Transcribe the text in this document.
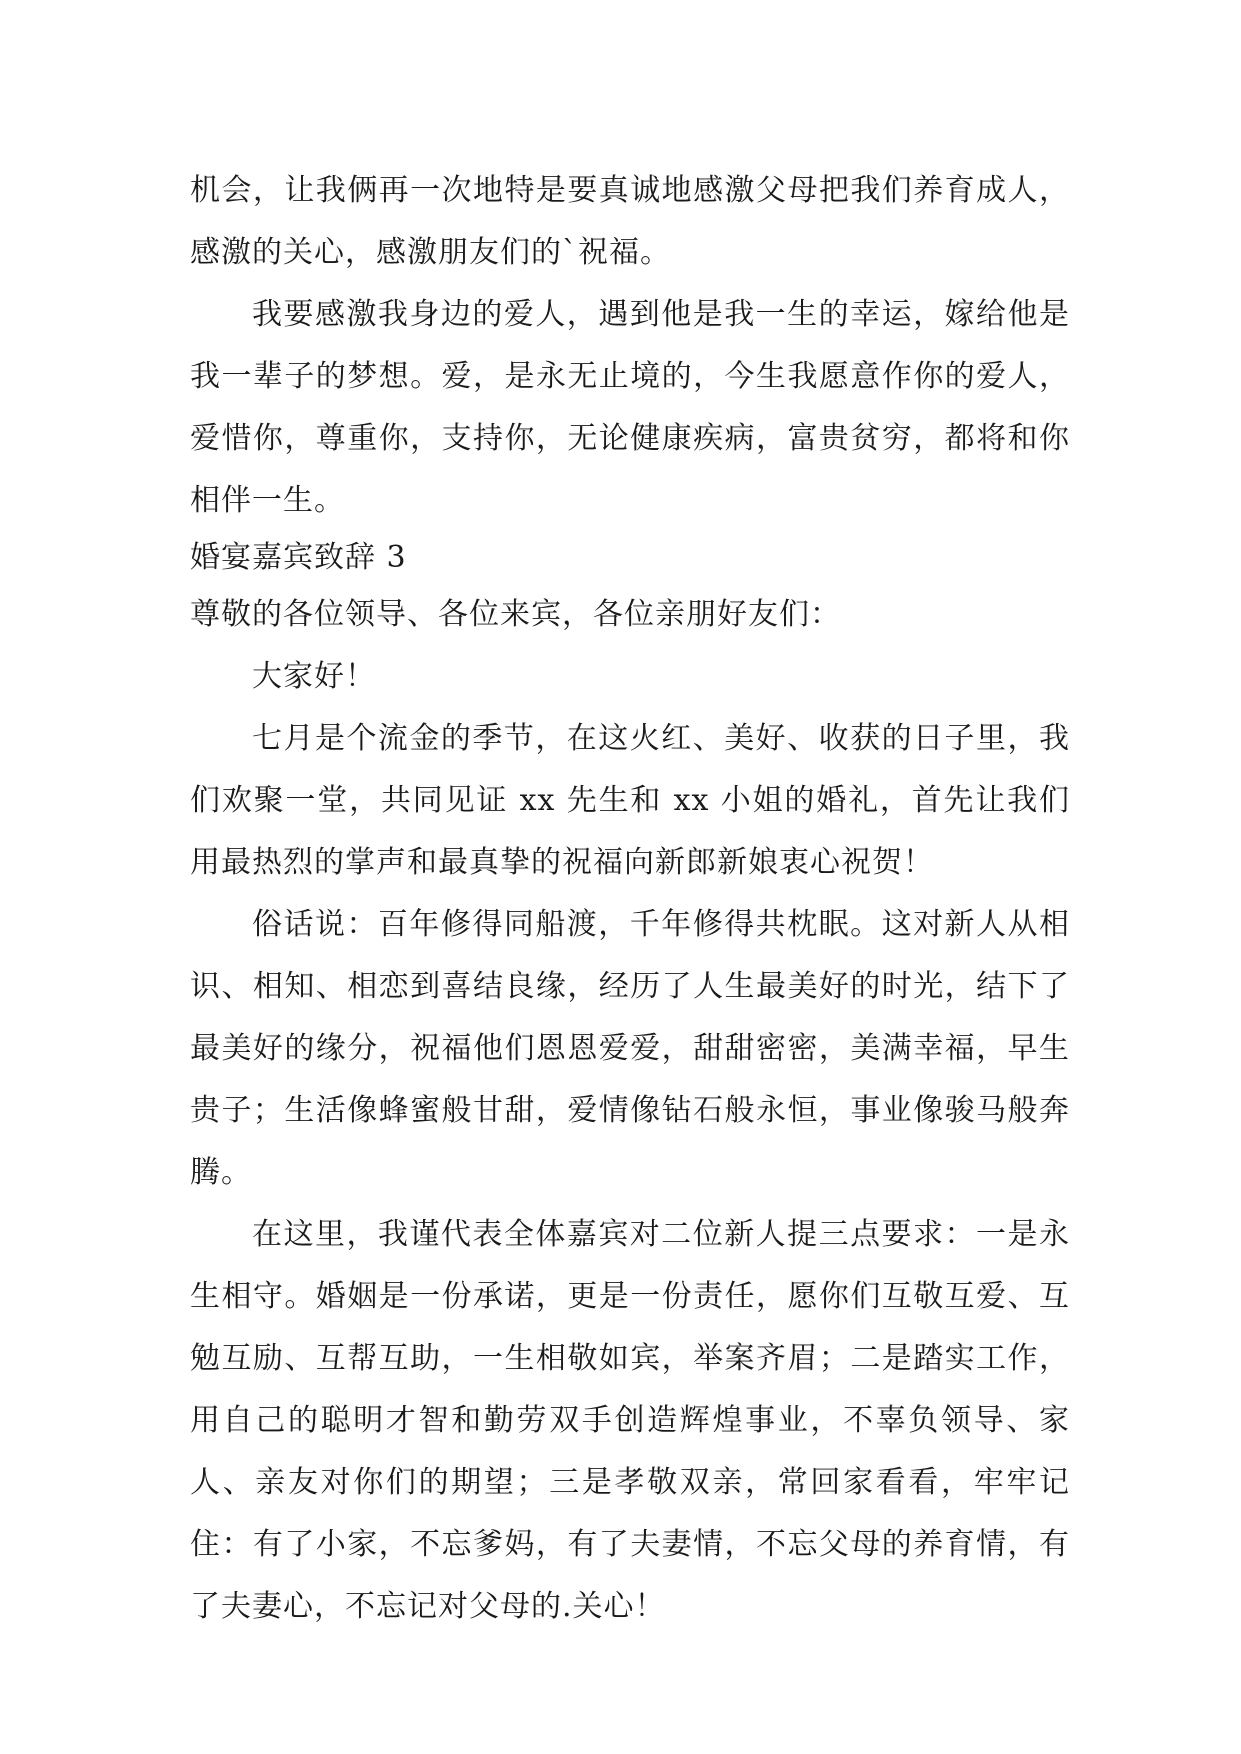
机会，让我俩再一次地特是要真诚地感激父母把我们养育成人，感激的关心，感激朋友们的`祝福。

我要感激我身边的爱人，遇到他是我一生的幸运，嫁给他是我一辈子的梦想。爱，是永无止境的，今生我愿意作你的爱人，爱惜你，尊重你，支持你，无论健康疾病，富贵贫穷，都将和你相伴一生。

婚宴嘉宾致辞 3

尊敬的各位领导、各位来宾，各位亲朋好友们：

大家好！

七月是个流金的季节，在这火红、美好、收获的日子里，我们欢聚一堂，共同见证 xx 先生和 xx 小姐的婚礼，首先让我们用最热烈的掌声和最真挚的祝福向新郎新娘衷心祝贺！

俗话说：百年修得同船渡，千年修得共枕眠。这对新人从相识、相知、相恋到喜结良缘，经历了人生最美好的时光，结下了最美好的缘分，祝福他们恩恩爱爱，甜甜密密，美满幸福，早生贵子；生活像蜂蜜般甘甜，爱情像钻石般永恒，事业像骏马般奔腾。

在这里，我谨代表全体嘉宾对二位新人提三点要求：一是永生相守。婚姻是一份承诺，更是一份责任，愿你们互敬互爱、互勉互励、互帮互助，一生相敬如宾，举案齐眉；二是踏实工作，用自己的聪明才智和勤劳双手创造辉煌事业，不辜负领导、家人、亲友对你们的期望；三是孝敬双亲，常回家看看，牢牢记住：有了小家，不忘爹妈，有了夫妻情，不忘父母的养育情，有了夫妻心，不忘记对父母的.关心！
